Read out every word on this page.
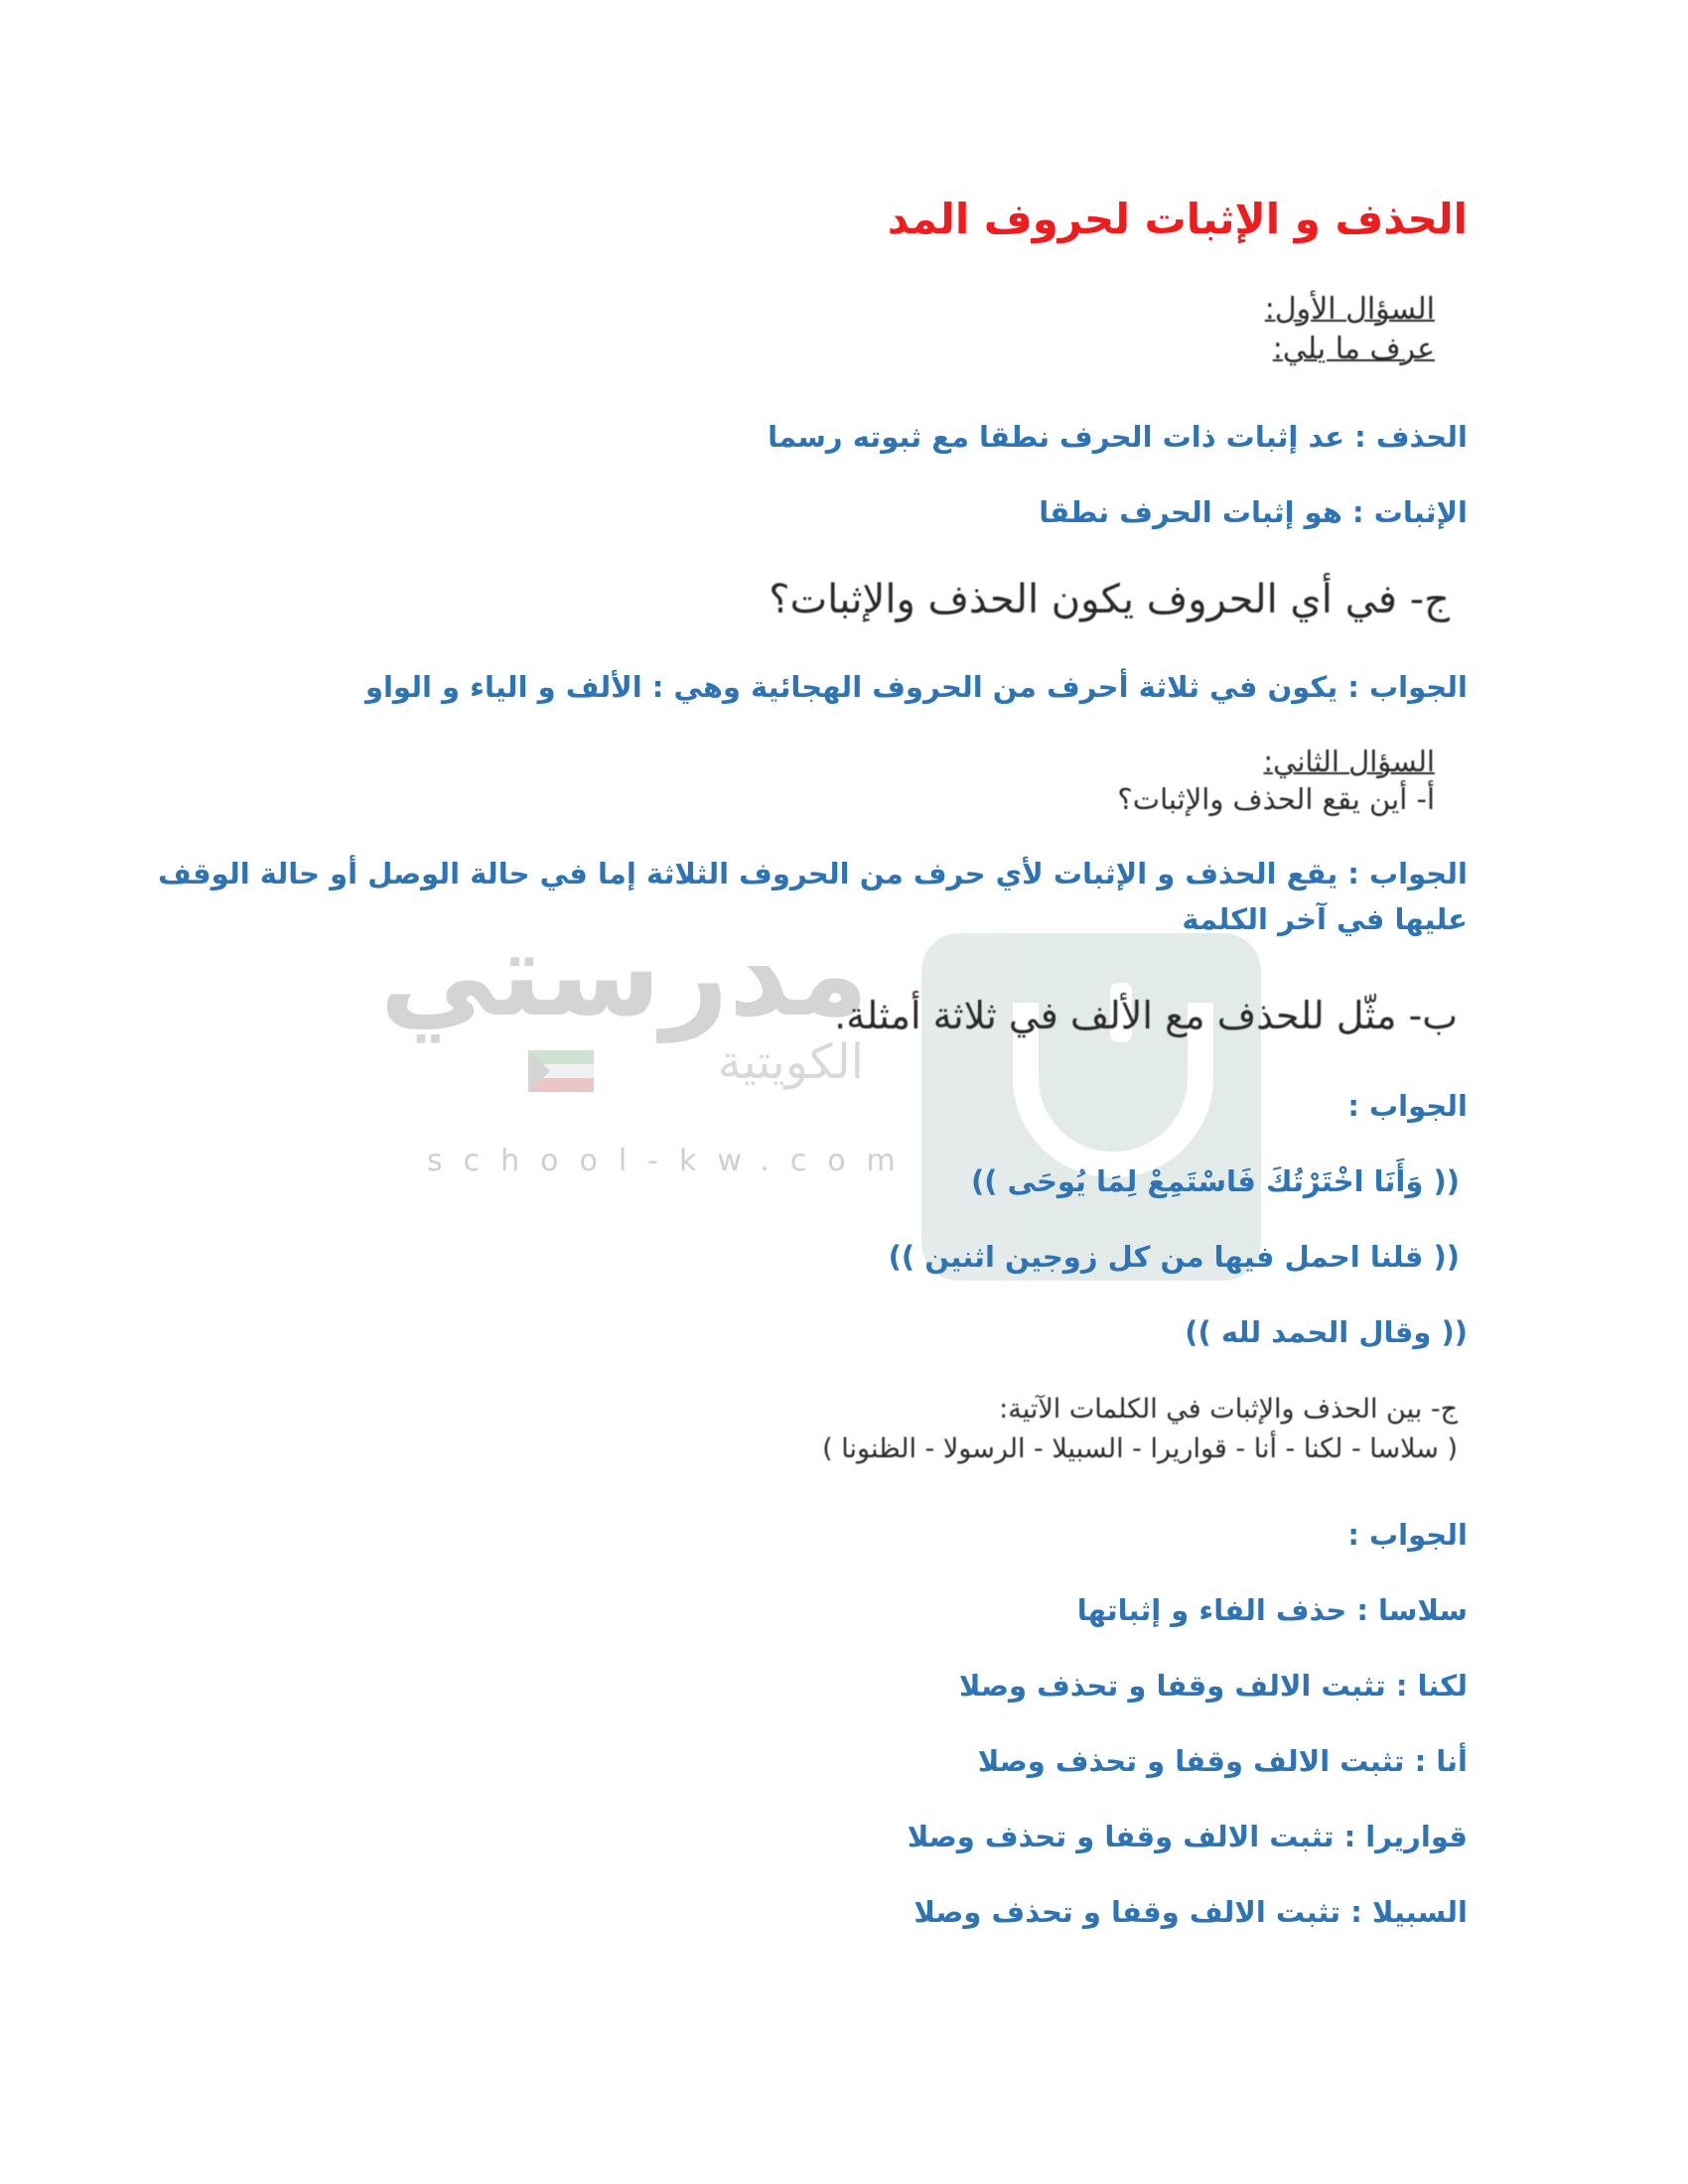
مدرستي
الكويتية
school-kw.com
الحذف و الإثبات لحروف المد
السؤال الأول:
عرف ما يلي:
الحذف : عد إثبات ذات الحرف نطقا مع ثبوته رسما
الإثبات : هو إثبات الحرف نطقا
ج- في أي الحروف يكون الحذف والإثبات؟
الجواب : يكون في ثلاثة أحرف من الحروف الهجائية وهي : الألف و الياء و الواو
السؤال الثاني:
أ- أين يقع الحذف والإثبات؟
الجواب : يقع الحذف و الإثبات لأي حرف من الحروف الثلاثة إما في حالة الوصل أو حالة الوقف عليها في آخر الكلمة
ب- مثّل للحذف مع الألف في ثلاثة أمثلة.
الجواب :
(( وَأَنَا اخْتَرْتُكَ فَاسْتَمِعْ لِمَا يُوحَى ))
(( قلنا احمل فيها من كل زوجين اثنين ))
(( وقال الحمد لله ))
ج- بين الحذف والإثبات في الكلمات الآتية:
( سلاسا - لكنا - أنا - قواريرا - السبيلا - الرسولا - الظنونا )
الجواب :
سلاسا : حذف الفاء و إثباتها
لكنا : تثبت الالف وقفا و تحذف وصلا
أنا : تثبت الالف وقفا و تحذف وصلا
قواريرا : تثبت الالف وقفا و تحذف وصلا
السبيلا : تثبت الالف وقفا و تحذف وصلا
